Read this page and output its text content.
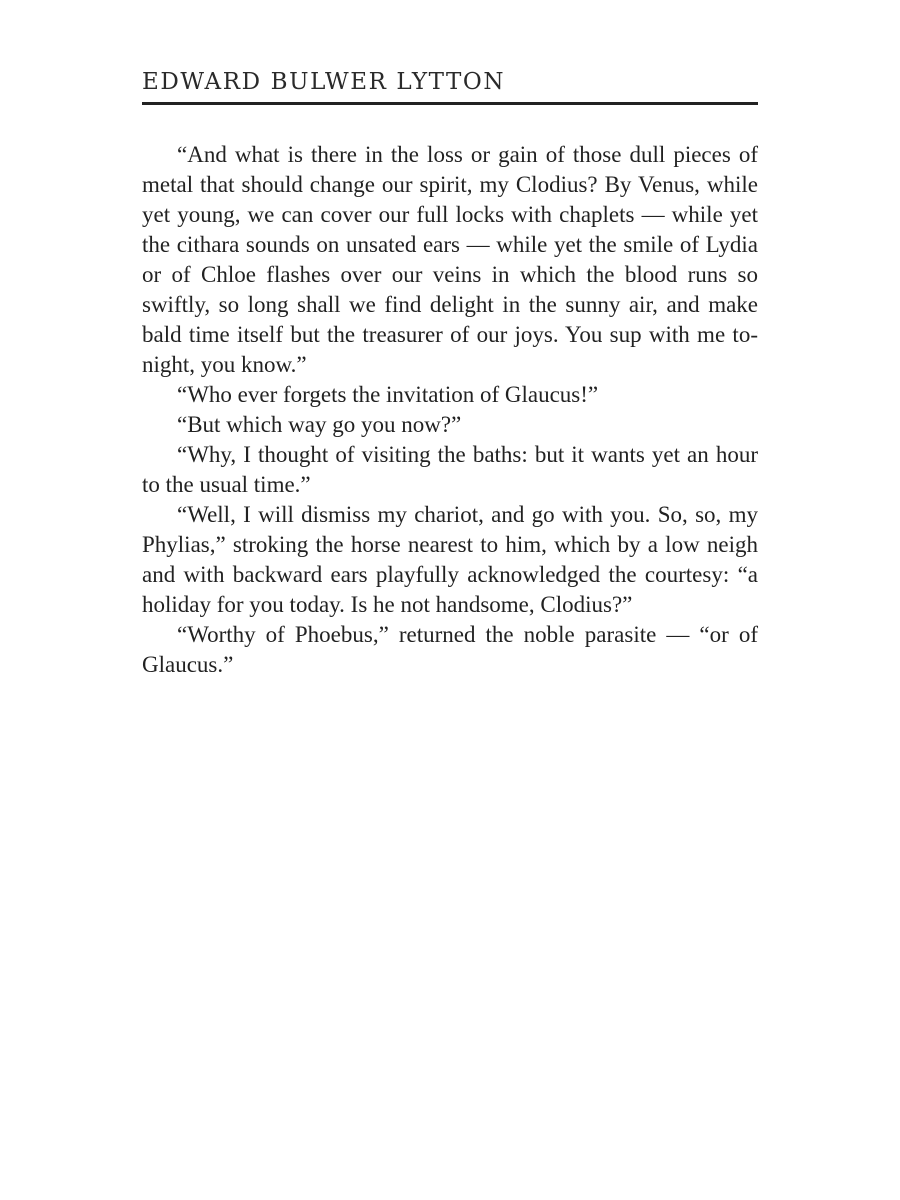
EDWARD BULWER LYTTON

“And what is there in the loss or gain of those dull pieces of metal that should change our spirit, my Clodius? By Venus, while yet young, we can cover our full locks with chaplets — while yet the cithara sounds on unsated ears — while yet the smile of Lydia or of Chloe flashes over our veins in which the blood runs so swiftly, so long shall we find delight in the sunny air, and make bald time itself but the treasurer of our joys. You sup with me to-night, you know.”

“Who ever forgets the invitation of Glaucus!”

“But which way go you now?”

“Why, I thought of visiting the baths: but it wants yet an hour to the usual time.”

“Well, I will dismiss my chariot, and go with you. So, so, my Phylias,” stroking the horse nearest to him, which by a low neigh and with backward ears playfully acknowledged the courtesy: “a holiday for you today. Is he not handsome, Clodius?”

“Worthy of Phoebus,” returned the noble parasite — “or of Glaucus.”
